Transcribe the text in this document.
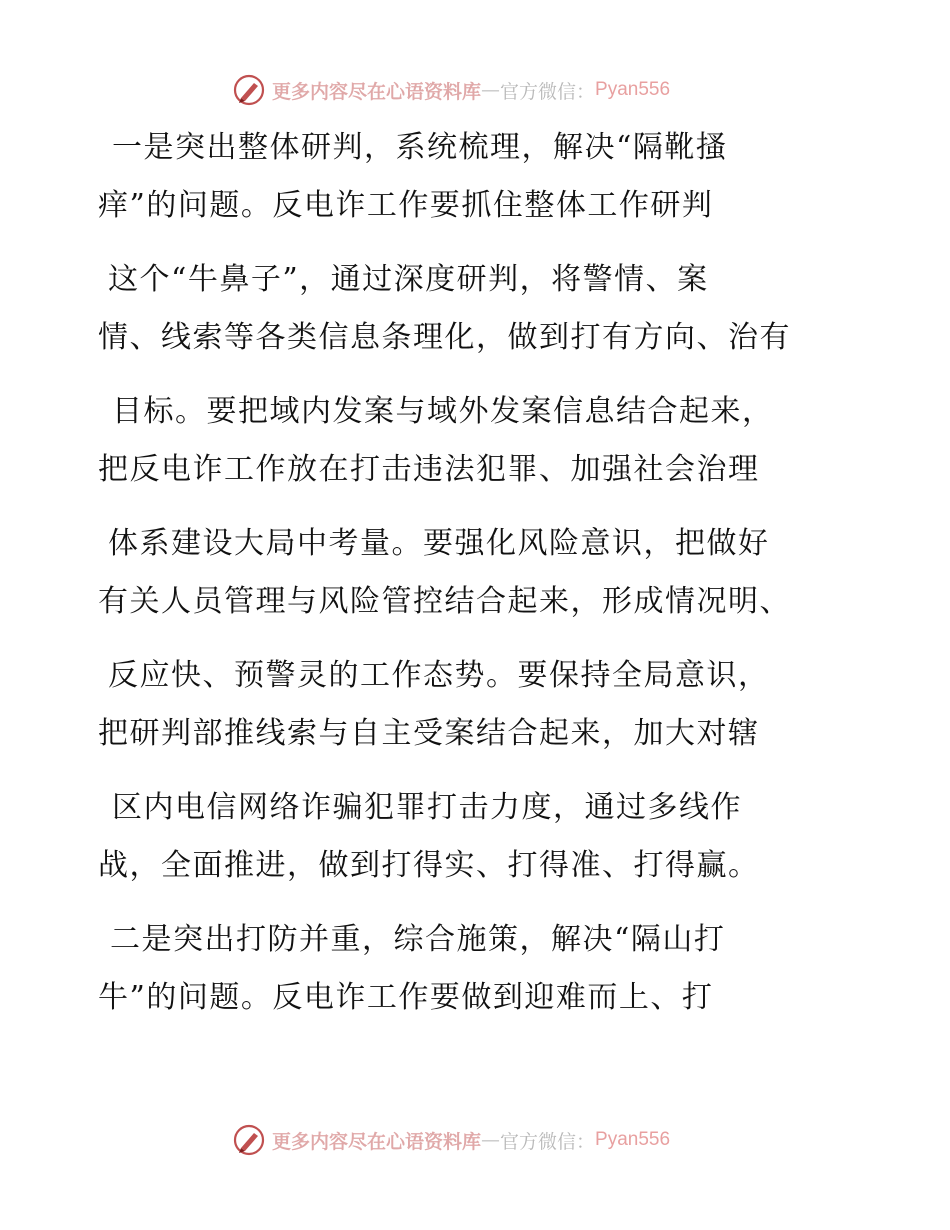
更多内容尽在心语资料库 — 官方微信： Pyan556
一是突出整体研判，系统梳理，解决“隔靴搔
痒”的问题。反电诈工作要抓住整体工作研判
这个“牛鼻子”，通过深度研判，将警情、案
情、线索等各类信息条理化，做到打有方向、治有
目标。要把域内发案与域外发案信息结合起来，
把反电诈工作放在打击违法犯罪、加强社会治理
体系建设大局中考量。要强化风险意识，把做好
有关人员管理与风险管控结合起来，形成情况明、
反应快、预警灵的工作态势。要保持全局意识，
把研判部推线索与自主受案结合起来，加大对辖
区内电信网络诈骗犯罪打击力度，通过多线作
战，全面推进，做到打得实、打得准、打得赢。
二是突出打防并重，综合施策，解决“隔山打
牛”的问题。反电诈工作要做到迎难而上、打
更多内容尽在心语资料库 — 官方微信： Pyan556
